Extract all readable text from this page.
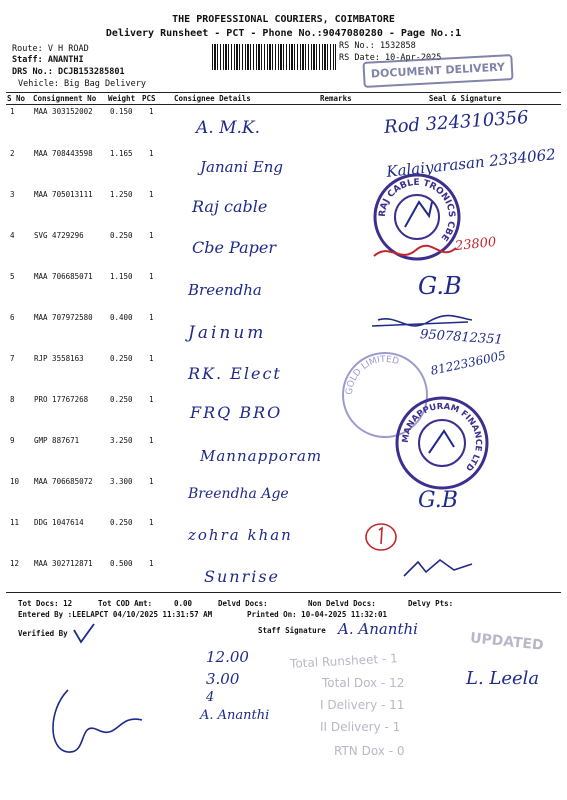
THE PROFESSIONAL COURIERS, COIMBATORE
Delivery Runsheet - PCT - Phone No.:9047080280 - Page No.:1
Route: V H ROAD
Staff: ANANTHI
DRS No.: DCJB153285801
Vehicle: Big Bag Delivery
RS No.: 1532858
RS Date: 10-Apr-2025
DOCUMENT DELIVERY
S No	Consignment No	Weight	PCS	Consignee Details	Remarks	Seal & Signature
1	MAA 303152002 0.150 1
A. M.K.	Rod 324310356
2	MAA 708443598 1.165 1
Janani Eng	Kalaiyarasan 2334062
3	MAA 705013111 1.250 1
Raj cable
4	SVG 4729296	0.250 1
Cbe Paper	23800
5	MAA 706685071 1.150 1
Breendha	G.B
6	MAA 707972580 0.400 1
Jainum	9507812351
7	RJP 3558163	0.250 1
RK. Elect	8122336005
8	PRO 17767268	0.250 1
FRQ BRO
9	GMP 887671	3.250 1
Mannapporam
10 MAA 706685072 3.300 1
Breendha Age	G.B
11 DDG 1047614	0.250 1
zohra khan
12 MAA 302712871 0.500 1
Sunrise
RAJ CABLE TRONICS CBE
GOLD LIMITED
MANAPPURAM FINANCE LTD
Tot Docs: 12	Tot COD Amt:	0.00	Delvd Docs:	Non Delvd Docs:	Delvy Pts:
Entered By :LEELAPCT 04/10/2025 11:31:57 AM	Printed On: 10-04-2025 11:32:01
Verified By	Staff Signature A. Ananthi
12.00
3.00
4
A. Ananthi
Total Runsheet - 1
Total Dox - 12
I Delivery - 11
II Delivery - 1
RTN Dox - 0
UPDATED
L. Leela
